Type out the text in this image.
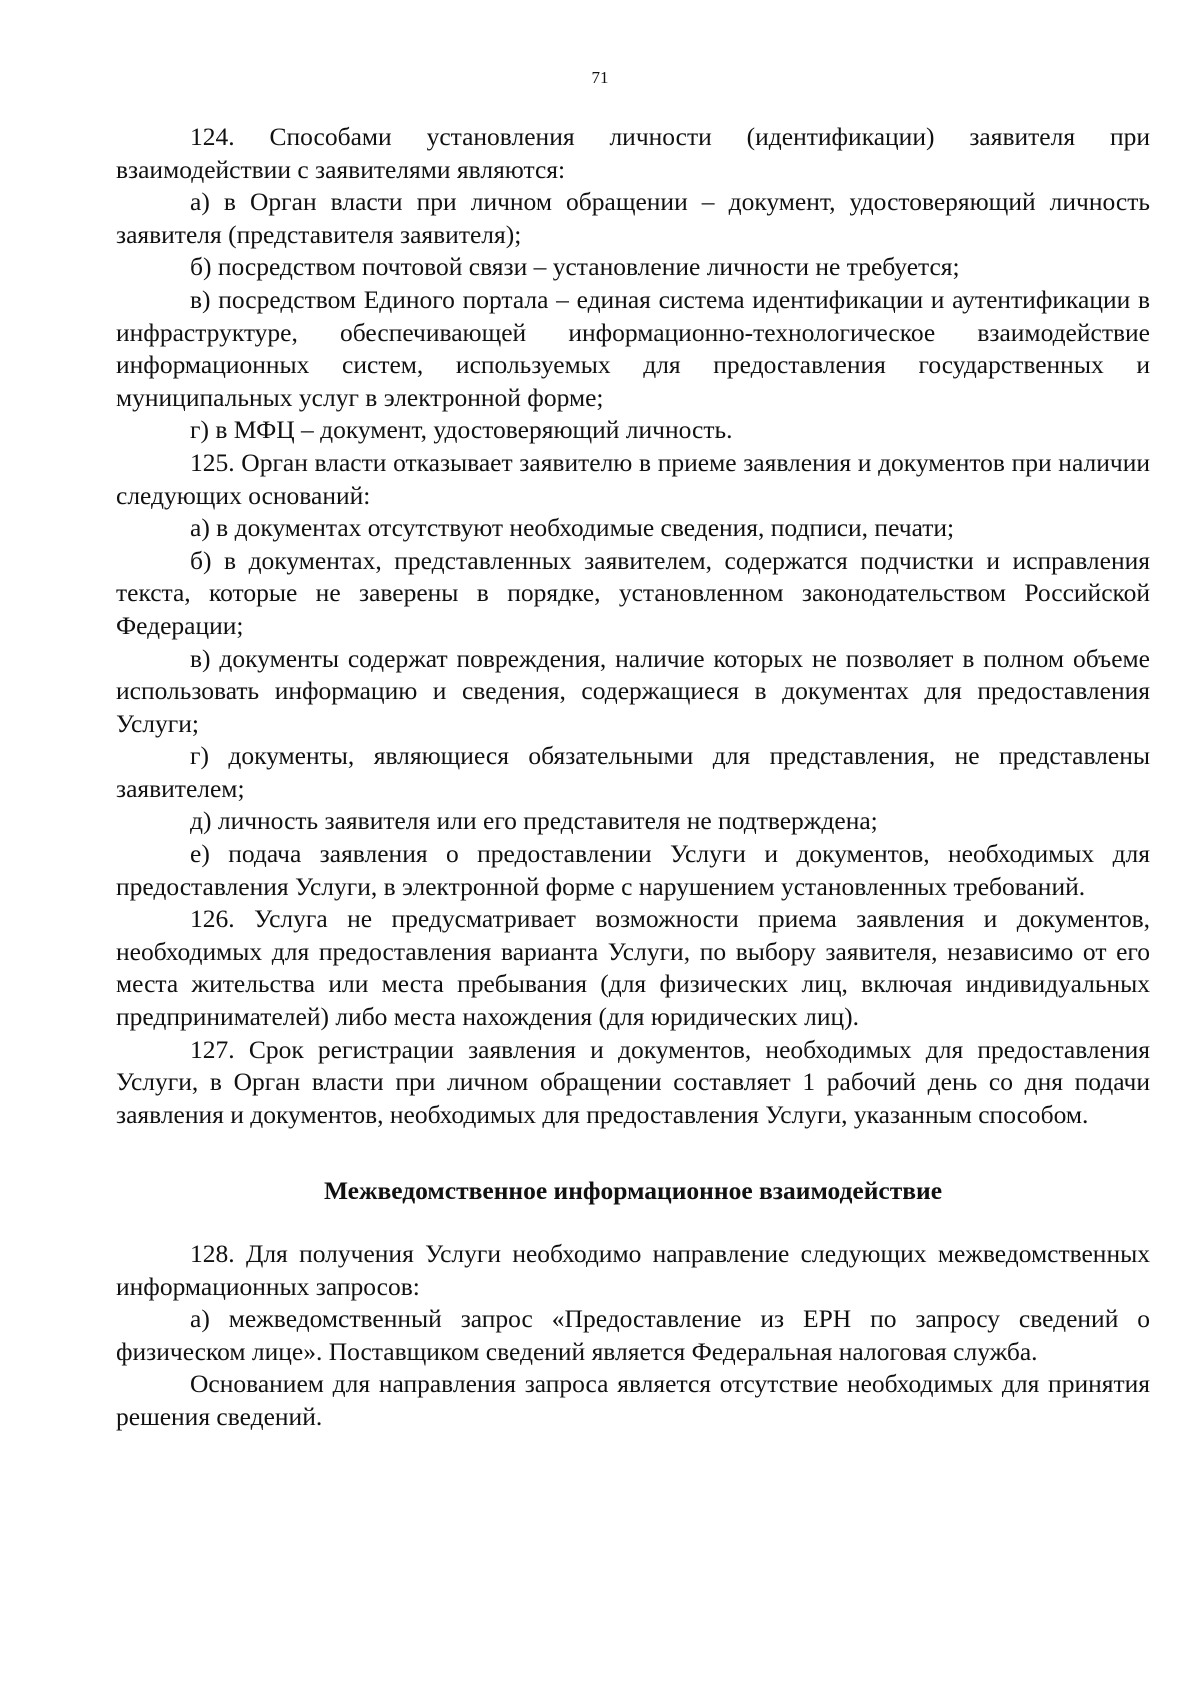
71

124. Способами установления личности (идентификации) заявителя при взаимодействии с заявителями являются:

а) в Орган власти при личном обращении – документ, удостоверяющий личность заявителя (представителя заявителя);

б) посредством почтовой связи – установление личности не требуется;

в) посредством Единого портала – единая система идентификации и аутентификации в инфраструктуре, обеспечивающей информационно-технологическое взаимодействие информационных систем, используемых для предоставления государственных и муниципальных услуг в электронной форме;

г) в МФЦ – документ, удостоверяющий личность.

125. Орган власти отказывает заявителю в приеме заявления и документов при наличии следующих оснований:

а) в документах отсутствуют необходимые сведения, подписи, печати;

б) в документах, представленных заявителем, содержатся подчистки и исправления текста, которые не заверены в порядке, установленном законодательством Российской Федерации;

в) документы содержат повреждения, наличие которых не позволяет в полном объеме использовать информацию и сведения, содержащиеся в документах для предоставления Услуги;

г) документы, являющиеся обязательными для представления, не представлены заявителем;

д) личность заявителя или его представителя не подтверждена;

е) подача заявления о предоставлении Услуги и документов, необходимых для предоставления Услуги, в электронной форме с нарушением установленных требований.

126. Услуга не предусматривает возможности приема заявления и документов, необходимых для предоставления варианта Услуги, по выбору заявителя, независимо от его места жительства или места пребывания (для физических лиц, включая индивидуальных предпринимателей) либо места нахождения (для юридических лиц).

127. Срок регистрации заявления и документов, необходимых для предоставления Услуги, в Орган власти при личном обращении составляет 1 рабочий день со дня подачи заявления и документов, необходимых для предоставления Услуги, указанным способом.

Межведомственное информационное взаимодействие

128. Для получения Услуги необходимо направление следующих межведомственных информационных запросов:

а) межведомственный запрос «Предоставление из ЕРН по запросу сведений о физическом лице». Поставщиком сведений является Федеральная налоговая служба.

Основанием для направления запроса является отсутствие необходимых для принятия решения сведений.
